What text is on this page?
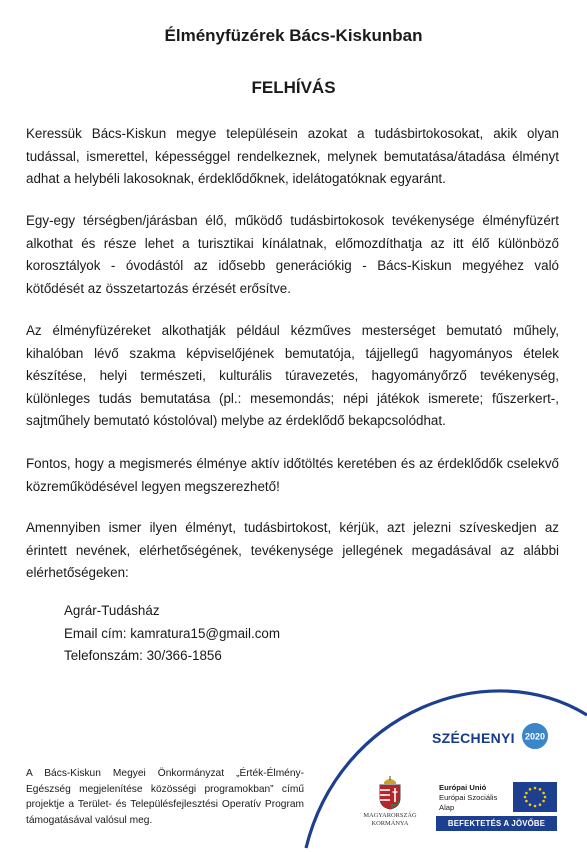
Élményfüzérek Bács-Kiskunban
FELHÍVÁS

Keressük Bács-Kiskun megye településein azokat a tudásbirtokosokat, akik olyan tudással, ismerettel, képességgel rendelkeznek, melynek bemutatása/átadása élményt adhat a helybéli lakosoknak, érdeklődőknek, idelátogatóknak egyaránt.

Egy-egy térségben/járásban élő, működő tudásbirtokosok tevékenysége élményfüzért alkothat és része lehet a turisztikai kínálatnak, előmozdíthatja az itt élő különböző korosztályok - óvodástól az idősebb generációkig - Bács-Kiskun megyéhez való kötődését az összetartozás érzését erősítve.

Az élményfüzéreket alkothatják például kézműves mesterséget bemutató műhely, kihalóban lévő szakma képviselőjének bemutatója, tájjellegű hagyományos ételek készítése, helyi természeti, kulturális túravezetés, hagyományőrző tevékenység, különleges tudás bemutatása (pl.: mesemondás; népi játékok ismerete; fűszerkert-, sajtműhely bemutató kóstolóval) melybe az érdeklődő bekapcsolódhat.

Fontos, hogy a megismerés élménye aktív időtöltés keretében és az érdeklődők cselekvő közreműködésével legyen megszerezhető!

Amennyiben ismer ilyen élményt, tudásbirtokost, kérjük, azt jelezni szíveskedjen az érintett nevének, elérhetőségének, tevékenysége jellegének megadásával az alábbi elérhetőségeken:

Agrár-Tudásház
Email cím: kamratura15@gmail.com
Telefonszám: 30/366-1856

A Bács-Kiskun Megyei Önkormányzat „Érték-Élmény-Egészség megjelenítése közösségi programokban” című projektje a Terület- és Településfejlesztési Operatív Program támogatásával valósul meg.

SZÉCHENYI 2020
MAGYARORSZÁG
KORMÁNYA
Európai Unió
Európai Szociális
Alap
BEFEKTETÉS A JÖVŐBE
